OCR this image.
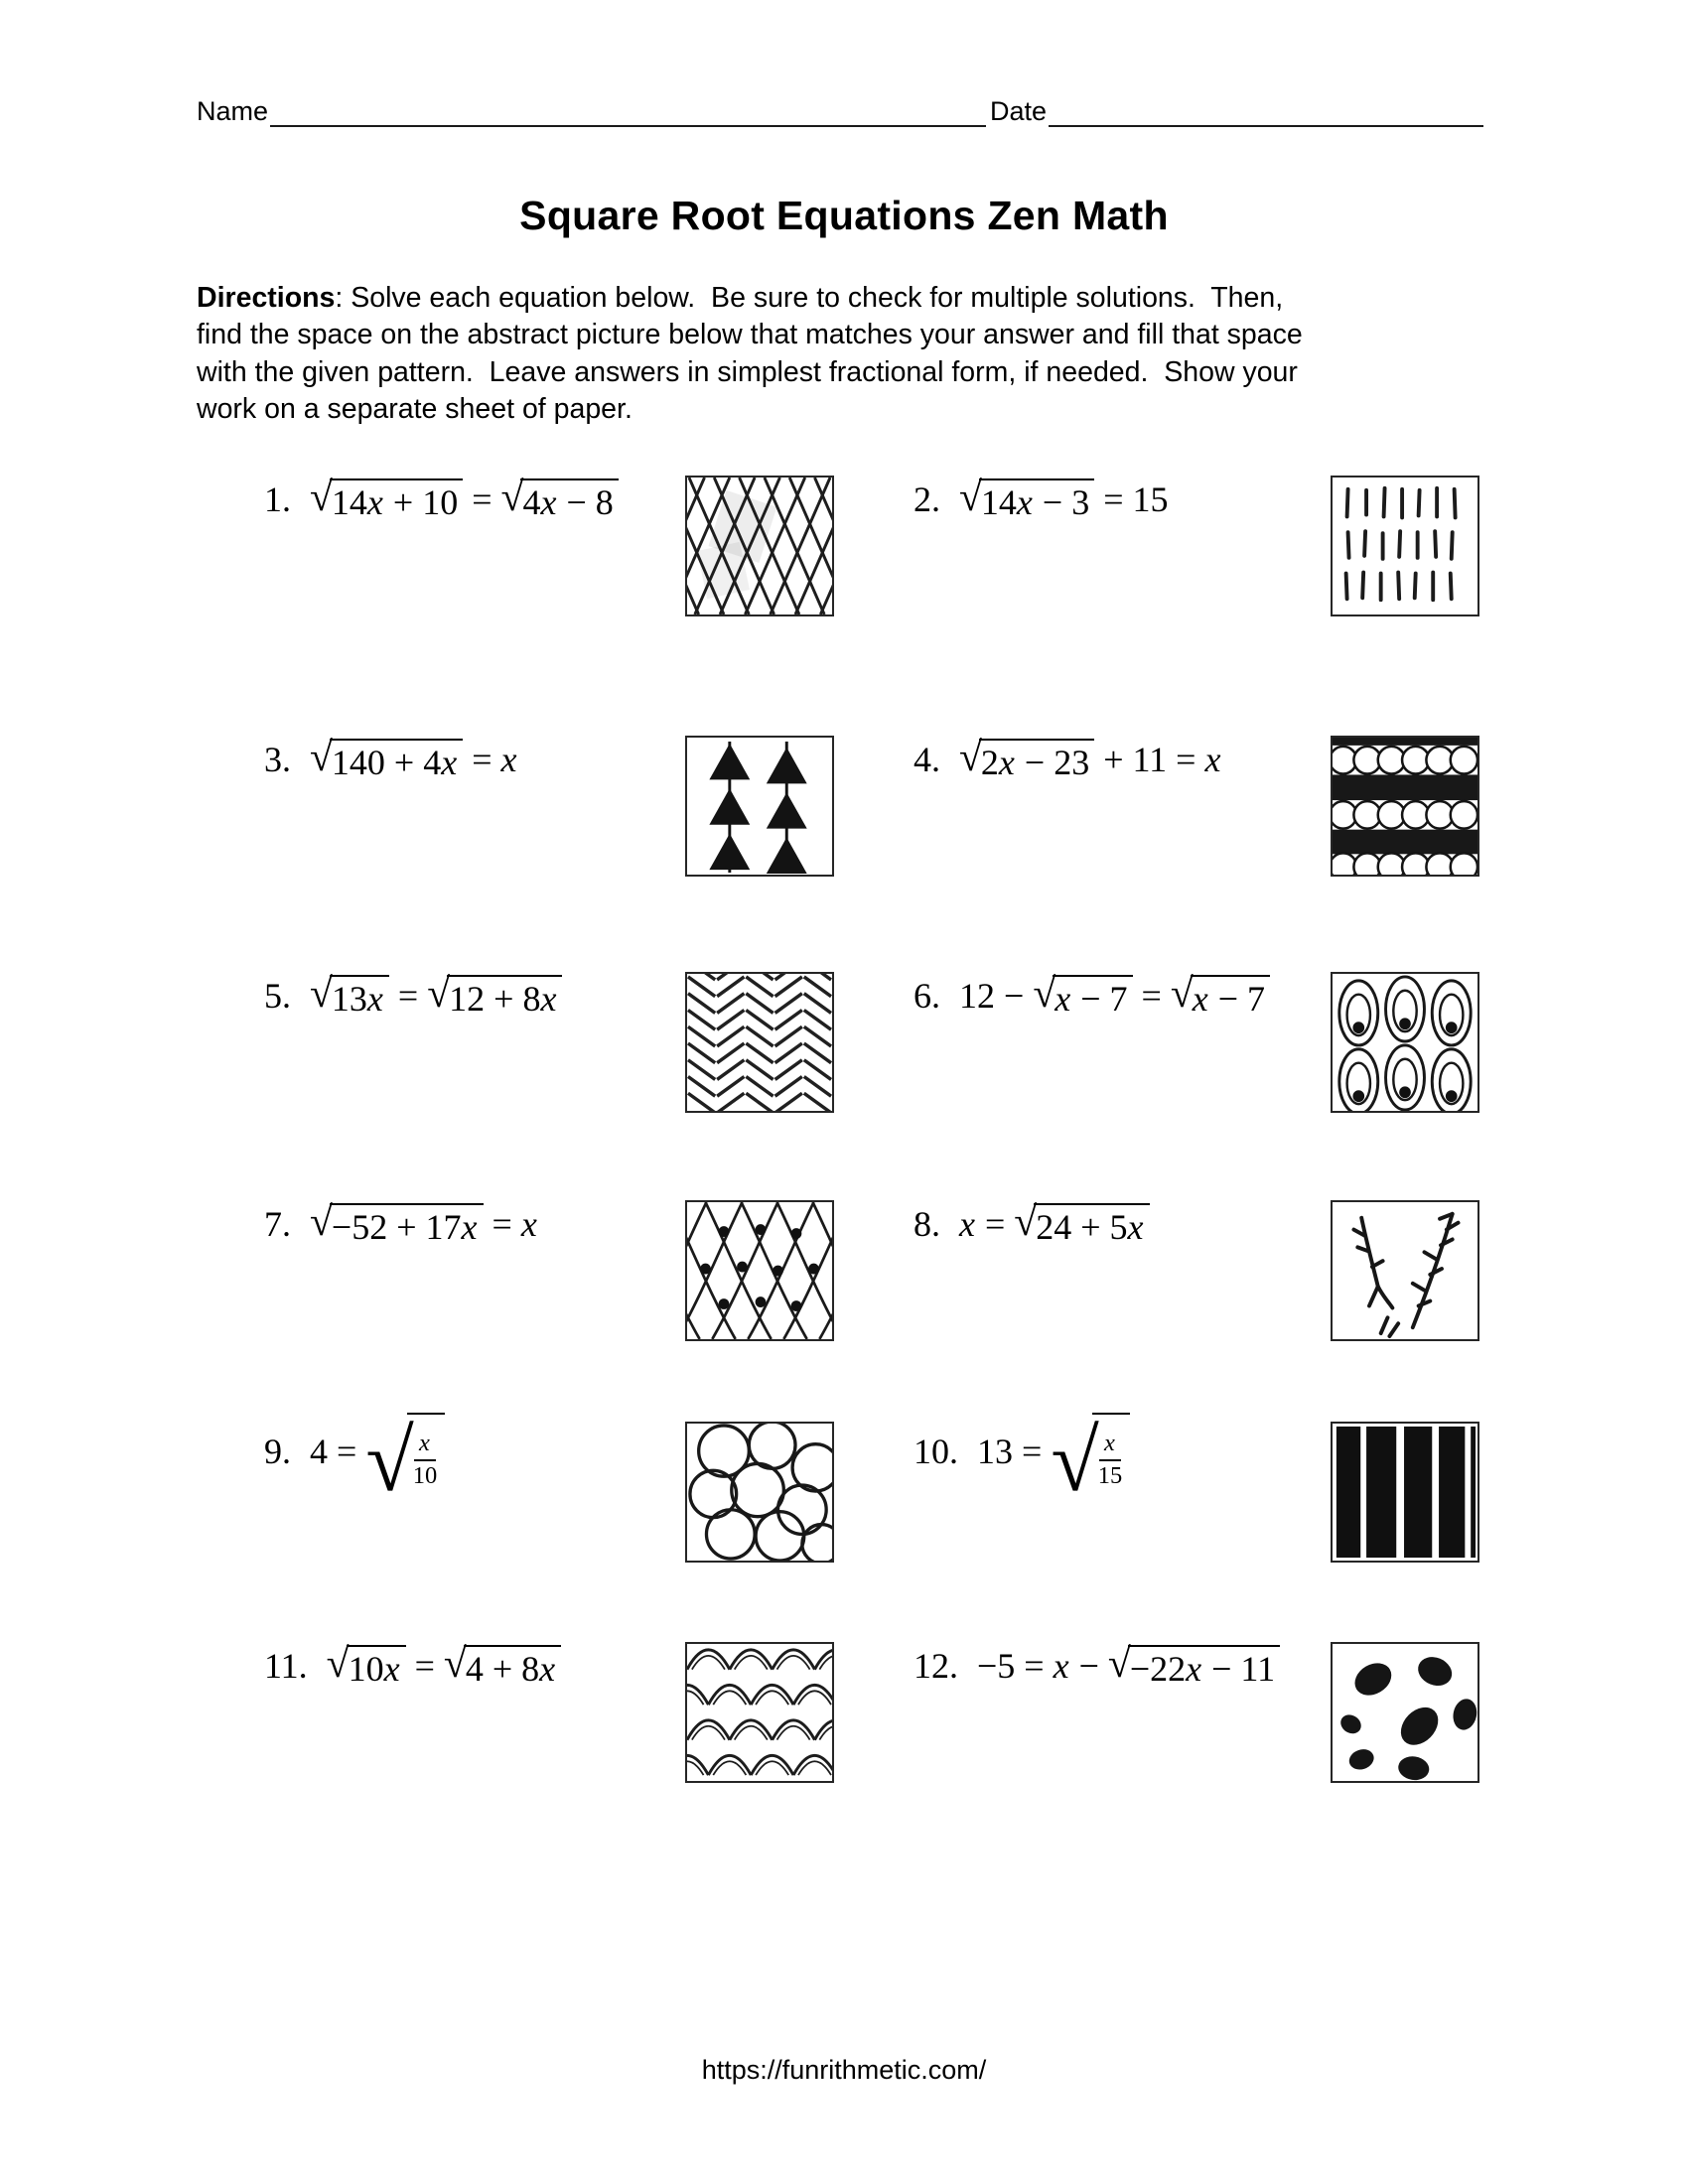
Name	Date
Square Root Equations Zen Math
Directions: Solve each equation below.  Be sure to check for multiple solutions.  Then,
find the space on the abstract picture below that matches your answer and fill that space
with the given pattern.  Leave answers in simplest fractional form, if needed.  Show your
work on a separate sheet of paper.
1. √ 14x + 10 = √ 4x − 8	2. √ 14x − 3 = 15
3. √ 140 + 4x = x	4. √ 2x − 23 + 11 = x
5. √ 13x = √ 12 + 8x	6. 12 − √ x − 7 = √ x − 7
7. √ −52 + 17x = x	8. x = √ 24 + 5x
9. 4 = √ $\frac{x}{10}$	10. 13 = √ $\frac{x}{15}$
11. √ 10x = √ 4 + 8x	12. −5 = x − √ −22x − 11
https://funrithmetic.com/
